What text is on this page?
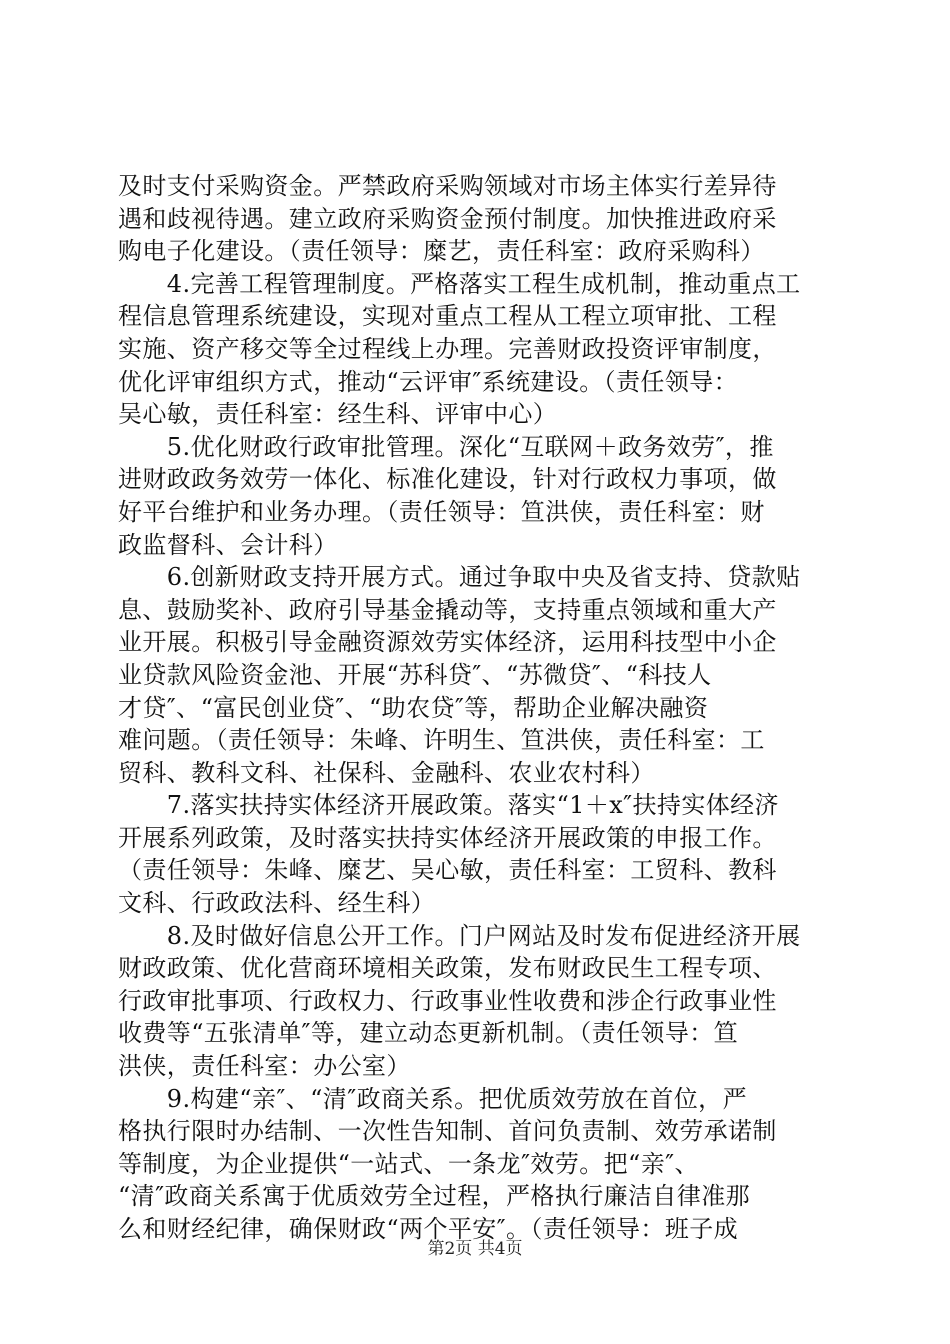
及时支付采购资金。严禁政府采购领域对市场主体实行差异待
遇和歧视待遇。建立政府采购资金预付制度。加快推进政府采
购电子化建设。（责任领导：糜艺，责任科室：政府采购科）
　　4.完善工程管理制度。严格落实工程生成机制，推动重点工
程信息管理系统建设，实现对重点工程从工程立项审批、工程
实施、资产移交等全过程线上办理。完善财政投资评审制度，
优化评审组织方式，推动“云评审″系统建设。（责任领导：
吴心敏，责任科室：经生科、评审中心）
　　5.优化财政行政审批管理。深化“互联网＋政务效劳″，推
进财政政务效劳一体化、标准化建设，针对行政权力事项，做
好平台维护和业务办理。（责任领导：笪洪侠，责任科室：财
政监督科、会计科）
　　6.创新财政支持开展方式。通过争取中央及省支持、贷款贴
息、鼓励奖补、政府引导基金撬动等，支持重点领域和重大产
业开展。积极引导金融资源效劳实体经济，运用科技型中小企
业贷款风险资金池、开展“苏科贷″、“苏微贷″、“科技人
才贷″、“富民创业贷″、“助农贷″等，帮助企业解决融资
难问题。（责任领导：朱峰、许明生、笪洪侠，责任科室：工
贸科、教科文科、社保科、金融科、农业农村科）
　　7.落实扶持实体经济开展政策。落实“1＋x″扶持实体经济
开展系列政策，及时落实扶持实体经济开展政策的申报工作。
（责任领导：朱峰、糜艺、吴心敏，责任科室：工贸科、教科
文科、行政政法科、经生科）
　　8.及时做好信息公开工作。门户网站及时发布促进经济开展
财政政策、优化营商环境相关政策，发布财政民生工程专项、
行政审批事项、行政权力、行政事业性收费和涉企行政事业性
收费等“五张清单″等，建立动态更新机制。（责任领导：笪
洪侠，责任科室：办公室）
　　9.构建“亲″、“清″政商关系。把优质效劳放在首位，严
格执行限时办结制、一次性告知制、首问负责制、效劳承诺制
等制度，为企业提供“一站式、一条龙″效劳。把“亲″、
“清″政商关系寓于优质效劳全过程，严格执行廉洁自律准那
么和财经纪律，确保财政“两个平安″。（责任领导：班子成
第2页 共4页
